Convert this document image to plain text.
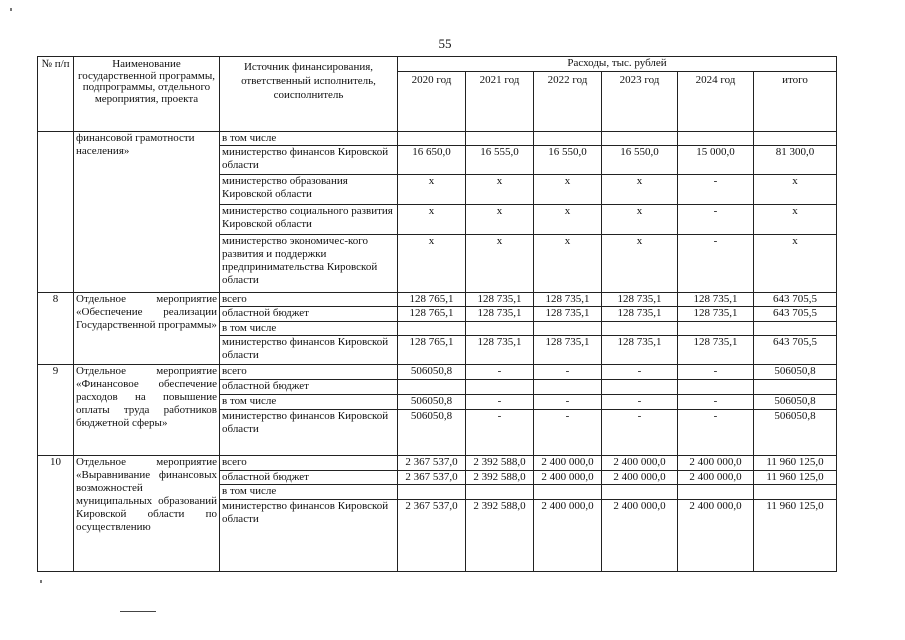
55
№ п/п	Наименование государственной программы, подпрограммы, отдельного мероприятия, проекта	Источник финансирования, ответственный исполнитель, соисполнитель	Расходы, тыс. рублей					
			2020 год	2021 год	2022 год	2023 год	2024 год	итого
	финансовой грамотности населения»	в том числе						
		министерство финансов Кировской области	16 650,0	16 555,0	16 550,0	16 550,0	15 000,0	81 300,0
		министерство образования Кировской области	x	x	x	x	-	x
		министерство социального развития Кировской области	x	x	x	x	-	x
		министерство экономичес-кого развития и поддержки предпринимательства Кировской области	x	x	x	x	-	x
8	Отдельное мероприятие «Обеспечение реализации Государственной программы»	всего	128 765,1	128 735,1	128 735,1	128 735,1	128 735,1	643 705,5
		областной бюджет	128 765,1	128 735,1	128 735,1	128 735,1	128 735,1	643 705,5
		в том числе						
		министерство финансов Кировской области	128 765,1	128 735,1	128 735,1	128 735,1	128 735,1	643 705,5
9	Отдельное мероприятие «Финансовое обеспечение расходов на повышение оплаты труда работников бюджетной сферы»	всего	506050,8	-	-	-	-	506050,8
		областной бюджет						
		в том числе	506050,8	-	-	-	-	506050,8
		министерство финансов Кировской области	506050,8	-	-	-	-	506050,8
10	Отдельное мероприятие «Выравнивание финансовых возможностей муниципальных образований Кировской области по осуществлению	всего	2 367 537,0	2 392 588,0	2 400 000,0	2 400 000,0	2 400 000,0	11 960 125,0
		областной бюджет	2 367 537,0	2 392 588,0	2 400 000,0	2 400 000,0	2 400 000,0	11 960 125,0
		в том числе						
		министерство финансов Кировской области	2 367 537,0	2 392 588,0	2 400 000,0	2 400 000,0	2 400 000,0	11 960 125,0
